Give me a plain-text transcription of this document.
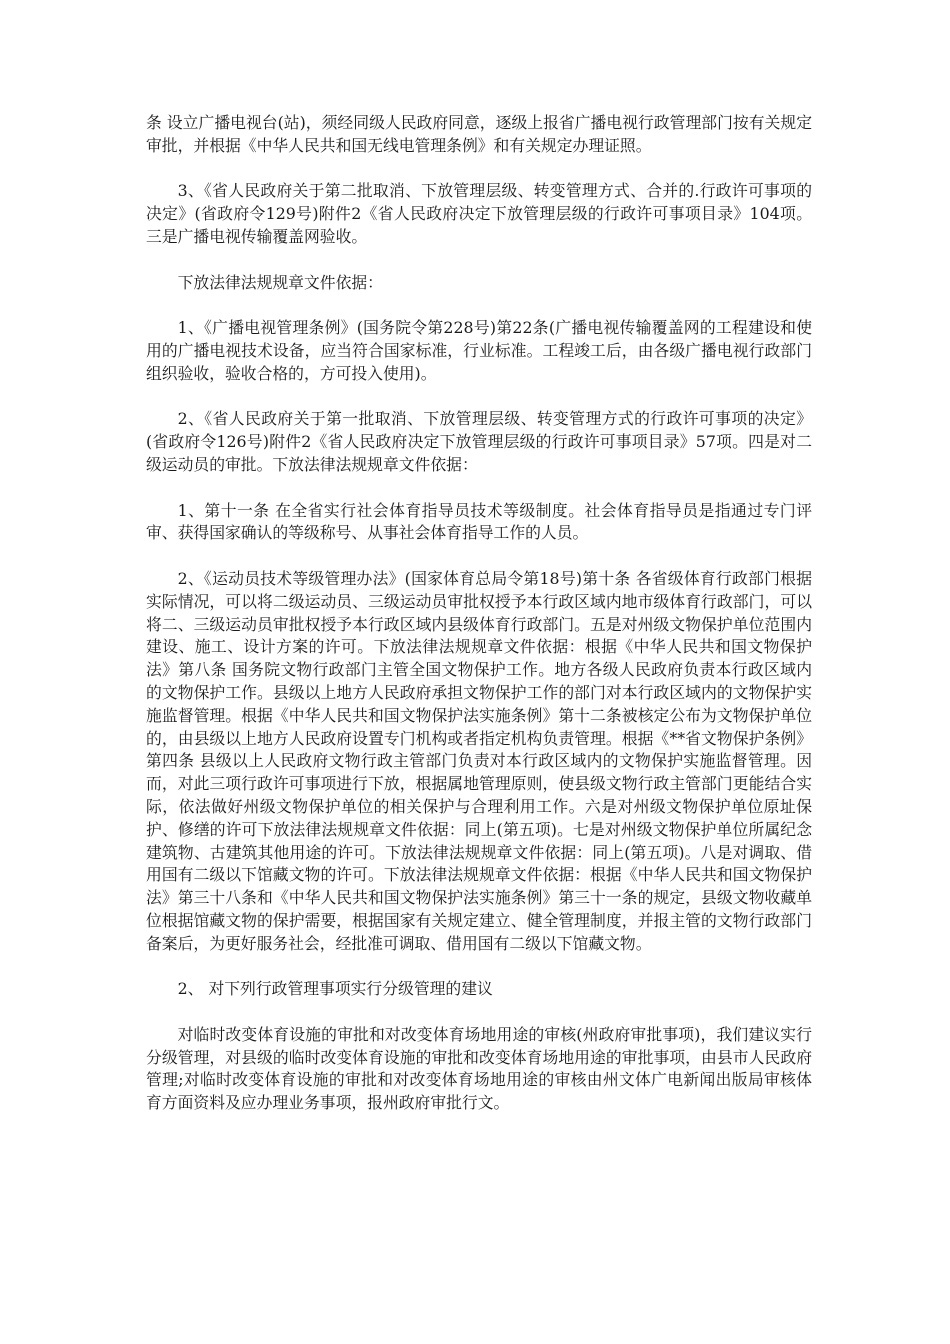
条 设立广播电视台(站)，须经同级人民政府同意，逐级上报省广播电视行政管理部门按有关规定审批，并根据《中华人民共和国无线电管理条例》和有关规定办理证照。

3、《省人民政府关于第二批取消、下放管理层级、转变管理方式、合并的.行政许可事项的决定》(省政府令129号)附件2《省人民政府决定下放管理层级的行政许可事项目录》104项。三是广播电视传输覆盖网验收。

下放法律法规规章文件依据：

1、《广播电视管理条例》(国务院令第228号)第22条(广播电视传输覆盖网的工程建设和使用的广播电视技术设备，应当符合国家标准，行业标准。工程竣工后，由各级广播电视行政部门组织验收，验收合格的，方可投入使用)。

2、《省人民政府关于第一批取消、下放管理层级、转变管理方式的行政许可事项的决定》(省政府令126号)附件2《省人民政府决定下放管理层级的行政许可事项目录》57项。四是对二级运动员的审批。下放法律法规规章文件依据：

1、第十一条 在全省实行社会体育指导员技术等级制度。社会体育指导员是指通过专门评审、获得国家确认的等级称号、从事社会体育指导工作的人员。

2、《运动员技术等级管理办法》(国家体育总局令第18号)第十条 各省级体育行政部门根据实际情况，可以将二级运动员、三级运动员审批权授予本行政区域内地市级体育行政部门，可以将二、三级运动员审批权授予本行政区域内县级体育行政部门。五是对州级文物保护单位范围内建设、施工、设计方案的许可。下放法律法规规章文件依据：根据《中华人民共和国文物保护法》第八条 国务院文物行政部门主管全国文物保护工作。地方各级人民政府负责本行政区域内的文物保护工作。县级以上地方人民政府承担文物保护工作的部门对本行政区域内的文物保护实施监督管理。根据《中华人民共和国文物保护法实施条例》第十二条被核定公布为文物保护单位的，由县级以上地方人民政府设置专门机构或者指定机构负责管理。根据《**省文物保护条例》第四条 县级以上人民政府文物行政主管部门负责对本行政区域内的文物保护实施监督管理。因而，对此三项行政许可事项进行下放，根据属地管理原则，使县级文物行政主管部门更能结合实际，依法做好州级文物保护单位的相关保护与合理利用工作。六是对州级文物保护单位原址保护、修缮的许可下放法律法规规章文件依据：同上(第五项)。七是对州级文物保护单位所属纪念建筑物、古建筑其他用途的许可。下放法律法规规章文件依据：同上(第五项)。八是对调取、借用国有二级以下馆藏文物的许可。下放法律法规规章文件依据：根据《中华人民共和国文物保护法》第三十八条和《中华人民共和国文物保护法实施条例》第三十一条的规定，县级文物收藏单位根据馆藏文物的保护需要，根据国家有关规定建立、健全管理制度，并报主管的文物行政部门备案后，为更好服务社会，经批准可调取、借用国有二级以下馆藏文物。

2、 对下列行政管理事项实行分级管理的建议

对临时改变体育设施的审批和对改变体育场地用途的审核(州政府审批事项)，我们建议实行分级管理，对县级的临时改变体育设施的审批和改变体育场地用途的审批事项，由县市人民政府管理;对临时改变体育设施的审批和对改变体育场地用途的审核由州文体广电新闻出版局审核体育方面资料及应办理业务事项，报州政府审批行文。
